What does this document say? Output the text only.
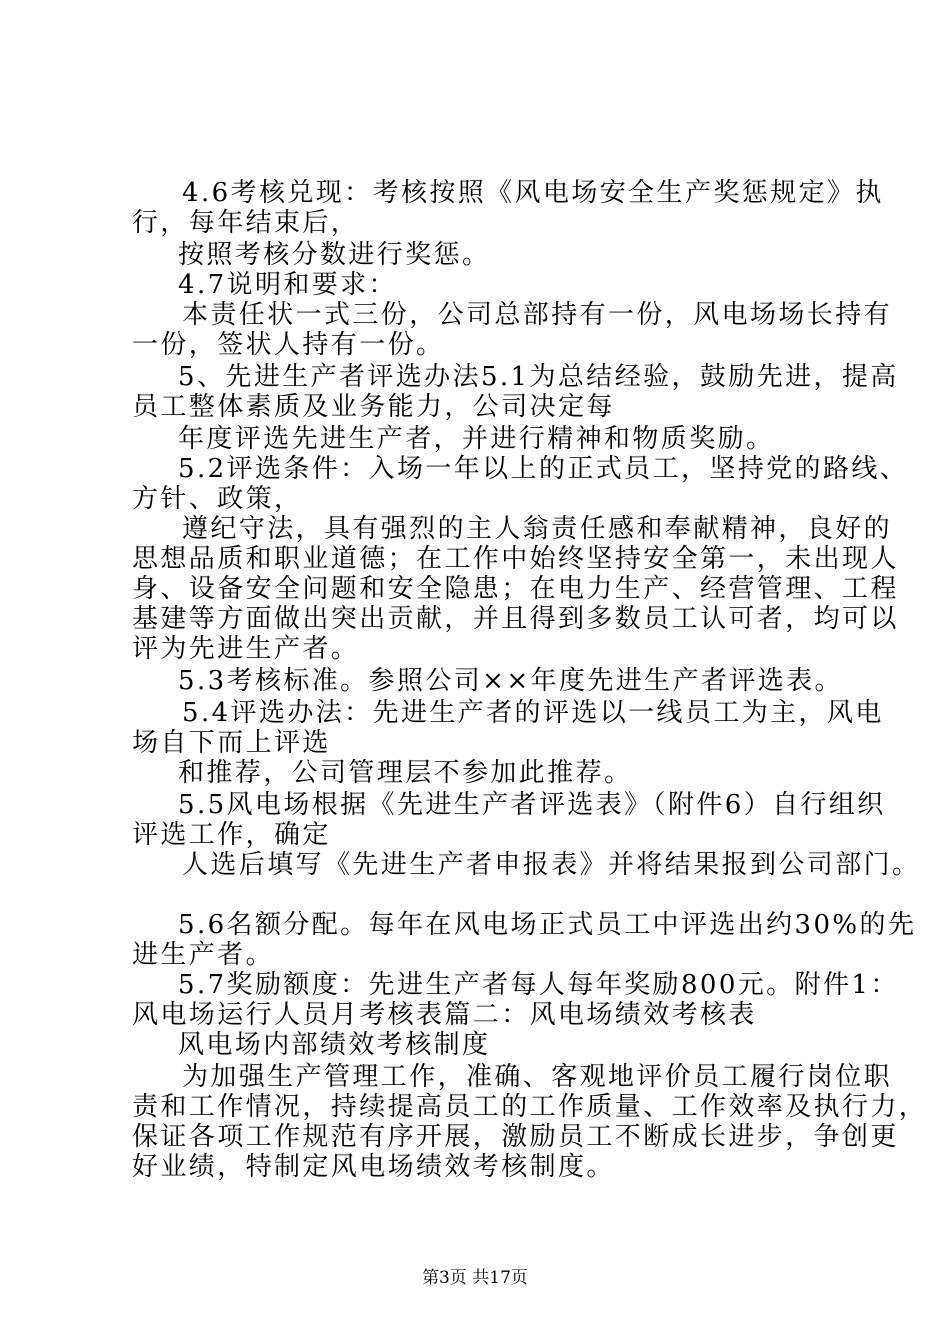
4.6考核兑现：考核按照《风电场安全生产奖惩规定》执
行，每年结束后，
按照考核分数进行奖惩。
4.7说明和要求：
本责任状一式三份，公司总部持有一份，风电场场长持有
一份，签状人持有一份。
5、先进生产者评选办法5.1为总结经验，鼓励先进，提高
员工整体素质及业务能力，公司决定每
年度评选先进生产者，并进行精神和物质奖励。
5.2评选条件：入场一年以上的正式员工，坚持党的路线、
方针、政策，
遵纪守法，具有强烈的主人翁责任感和奉献精神，良好的
思想品质和职业道德；在工作中始终坚持安全第一，未出现人
身、设备安全问题和安全隐患；在电力生产、经营管理、工程
基建等方面做出突出贡献，并且得到多数员工认可者，均可以
评为先进生产者。
5.3考核标准。参照公司××年度先进生产者评选表。
5.4评选办法：先进生产者的评选以一线员工为主，风电
场自下而上评选
和推荐，公司管理层不参加此推荐。
5.5风电场根据《先进生产者评选表》（附件6）自行组织
评选工作，确定
人选后填写《先进生产者申报表》并将结果报到公司部门。
5.6名额分配。每年在风电场正式员工中评选出约30%的先
进生产者。
5.7奖励额度：先进生产者每人每年奖励800元。附件1：
风电场运行人员月考核表篇二：风电场绩效考核表
风电场内部绩效考核制度
为加强生产管理工作，准确、客观地评价员工履行岗位职
责和工作情况，持续提高员工的工作质量、工作效率及执行力，
保证各项工作规范有序开展，激励员工不断成长进步，争创更
好业绩，特制定风电场绩效考核制度。
第3页 共17页
